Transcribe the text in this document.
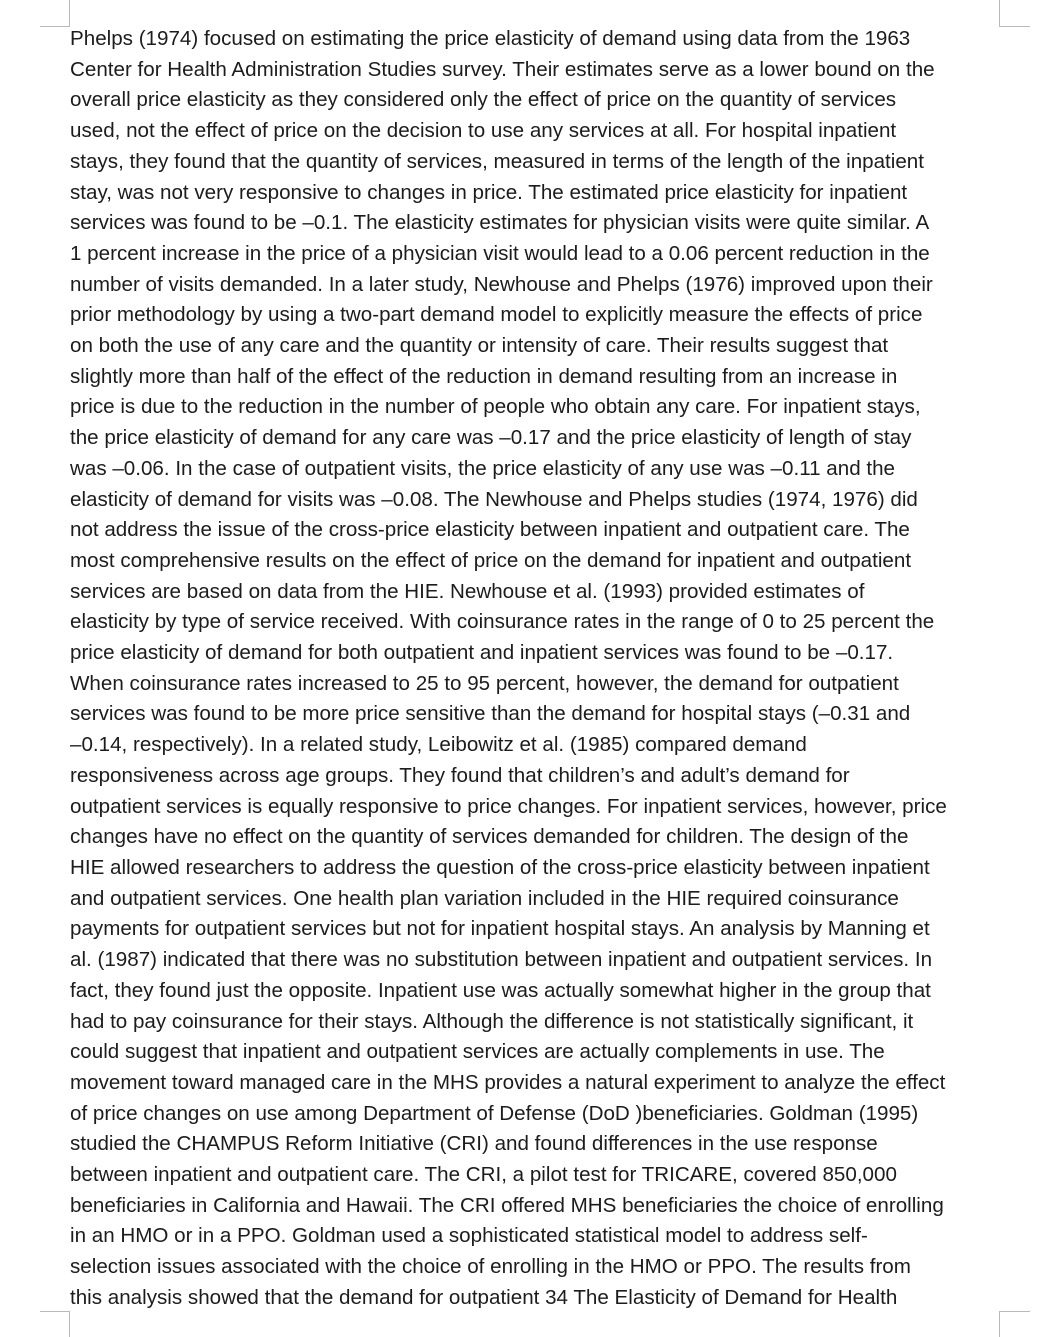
Phelps (1974) focused on estimating the price elasticity of demand using data from the 1963
Center for Health Administration Studies survey. Their estimates serve as a lower bound on the
overall price elasticity as they considered only the effect of price on the quantity of services
used, not the effect of price on the decision to use any services at all. For hospital inpatient
stays, they found that the quantity of services, measured in terms of the length of the inpatient
stay, was not very responsive to changes in price. The estimated price elasticity for inpatient
services was found to be –0.1. The elasticity estimates for physician visits were quite similar. A
1 percent increase in the price of a physician visit would lead to a 0.06 percent reduction in the
number of visits demanded. In a later study, Newhouse and Phelps (1976) improved upon their
prior methodology by using a two-part demand model to explicitly measure the effects of price
on both the use of any care and the quantity or intensity of care. Their results suggest that
slightly more than half of the effect of the reduction in demand resulting from an increase in
price is due to the reduction in the number of people who obtain any care. For inpatient stays,
the price elasticity of demand for any care was –0.17 and the price elasticity of length of stay
was –0.06. In the case of outpatient visits, the price elasticity of any use was –0.11 and the
elasticity of demand for visits was –0.08. The Newhouse and Phelps studies (1974, 1976) did
not address the issue of the cross-price elasticity between inpatient and outpatient care. The
most comprehensive results on the effect of price on the demand for inpatient and outpatient
services are based on data from the HIE. Newhouse et al. (1993) provided estimates of
elasticity by type of service received. With coinsurance rates in the range of 0 to 25 percent the
price elasticity of demand for both outpatient and inpatient services was found to be –0.17.
When coinsurance rates increased to 25 to 95 percent, however, the demand for outpatient
services was found to be more price sensitive than the demand for hospital stays (–0.31 and
–0.14, respectively). In a related study, Leibowitz et al. (1985) compared demand
responsiveness across age groups. They found that children’s and adult’s demand for
outpatient services is equally responsive to price changes. For inpatient services, however, price
changes have no effect on the quantity of services demanded for children. The design of the
HIE allowed researchers to address the question of the cross-price elasticity between inpatient
and outpatient services. One health plan variation included in the HIE required coinsurance
payments for outpatient services but not for inpatient hospital stays. An analysis by Manning et
al. (1987) indicated that there was no substitution between inpatient and outpatient services. In
fact, they found just the opposite. Inpatient use was actually somewhat higher in the group that
had to pay coinsurance for their stays. Although the difference is not statistically significant, it
could suggest that inpatient and outpatient services are actually complements in use. The
movement toward managed care in the MHS provides a natural experiment to analyze the effect
of price changes on use among Department of Defense (DoD )beneficiaries. Goldman (1995)
studied the CHAMPUS Reform Initiative (CRI) and found differences in the use response
between inpatient and outpatient care. The CRI, a pilot test for TRICARE, covered 850,000
beneficiaries in California and Hawaii. The CRI offered MHS beneficiaries the choice of enrolling
in an HMO or in a PPO. Goldman used a sophisticated statistical model to address self-
selection issues associated with the choice of enrolling in the HMO or PPO. The results from
this analysis showed that the demand for outpatient 34 The Elasticity of Demand for Health
